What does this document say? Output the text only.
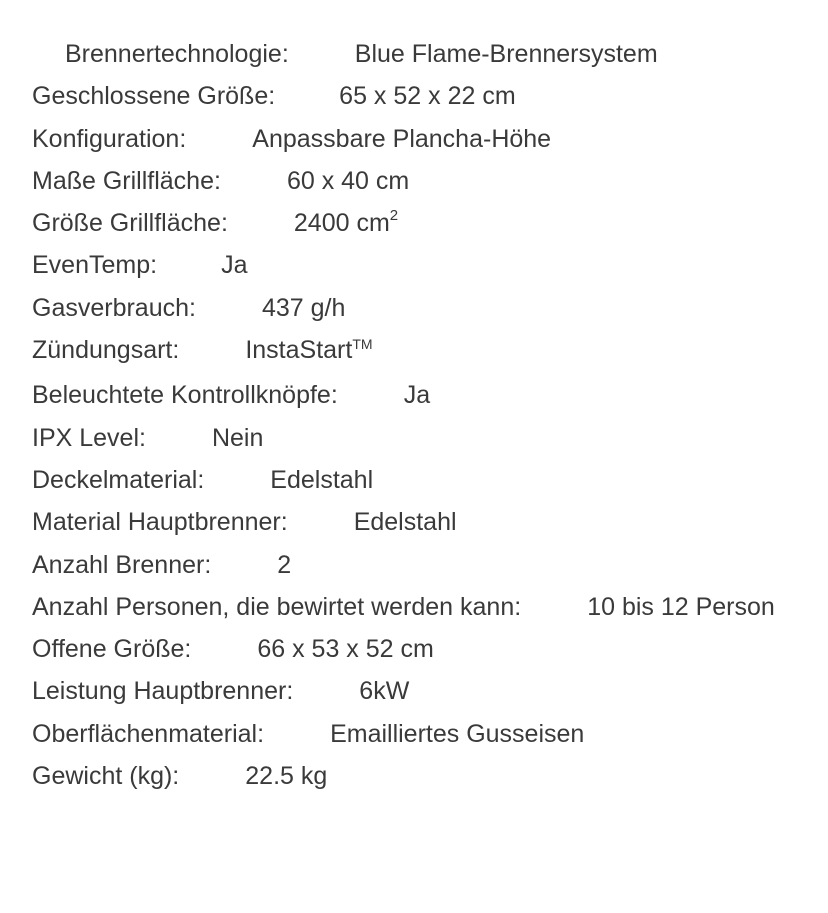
Brennertechnologie:	Blue Flame-Brennersystem
Geschlossene Größe:	65 x 52 x 22 cm
Konfiguration:	Anpassbare Plancha-Höhe
Maße Grillfläche:	60 x 40 cm
Größe Grillfläche:	2400 $cm^2$
EvenTemp:	Ja
Gasverbrauch:	437 g/h
Zündungsart:	InstaStart™
Beleuchtete Kontrollknöpfe:	Ja
IPX Level:	Nein
Deckelmaterial:	Edelstahl
Material Hauptbrenner:	Edelstahl
Anzahl Brenner:	2
Anzahl Personen, die bewirtet werden kann:	10 bis 12 Person
Offene Größe:	66 x 53 x 52 cm
Leistung Hauptbrenner:	6kW
Oberflächenmaterial:	Emailliertes Gusseisen
Gewicht (kg):	22.5 kg
